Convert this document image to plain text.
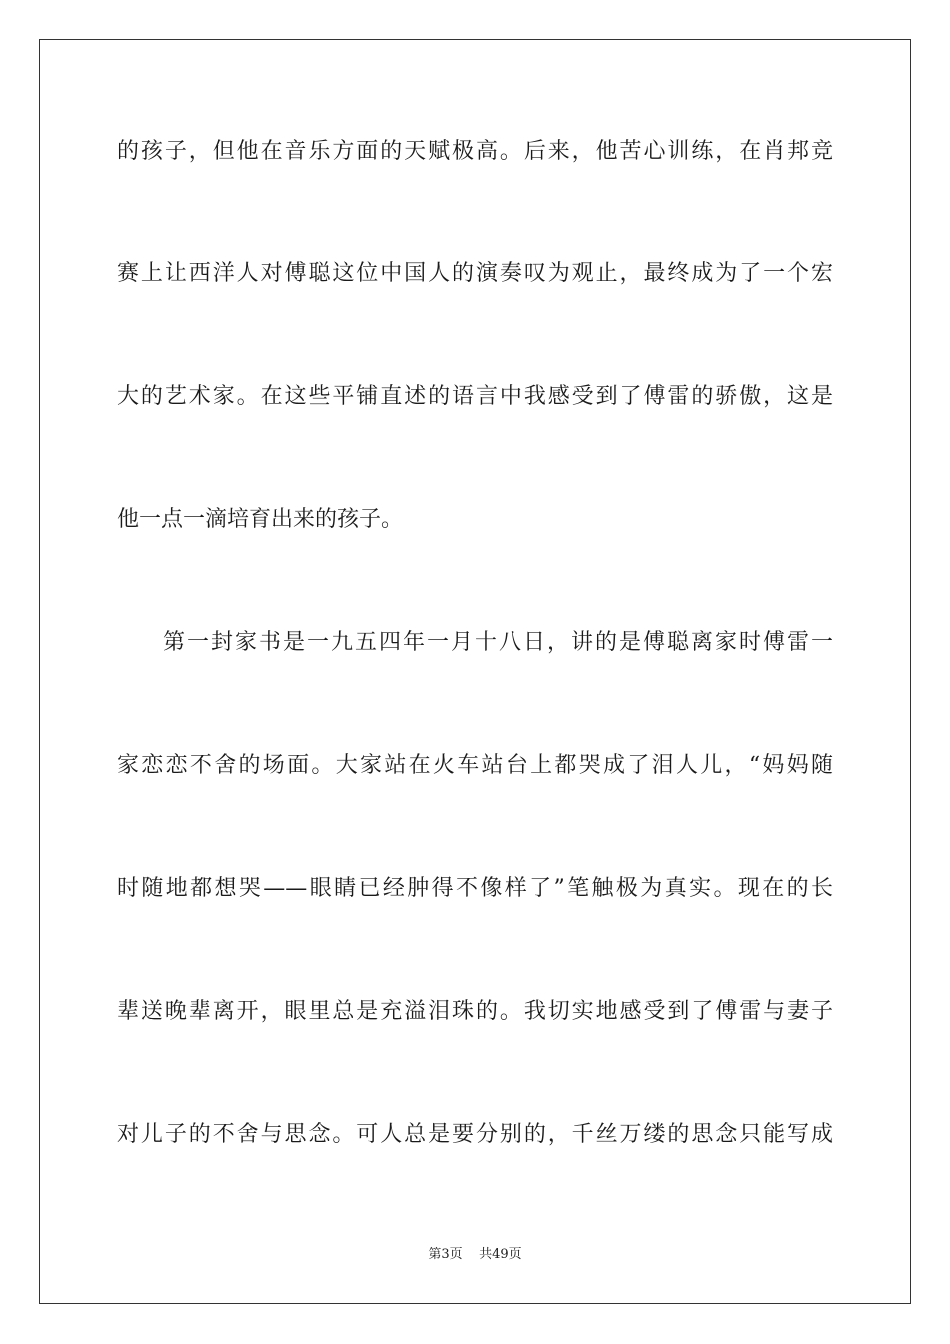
的孩子，但他在音乐方面的天赋极高。后来，他苦心训练，在肖邦竞
赛上让西洋人对傅聪这位中国人的演奏叹为观止，最终成为了一个宏
大的艺术家。在这些平铺直述的语言中我感受到了傅雷的骄傲，这是
他一点一滴培育出来的孩子。
第一封家书是一九五四年一月十八日，讲的是傅聪离家时傅雷一
家恋恋不舍的场面。大家站在火车站台上都哭成了泪人儿，“妈妈随
时随地都想哭——眼睛已经肿得不像样了”笔触极为真实。现在的长
辈送晚辈离开，眼里总是充溢泪珠的。我切实地感受到了傅雷与妻子
对儿子的不舍与思念。可人总是要分别的，千丝万缕的思念只能写成
第3页 共49页
